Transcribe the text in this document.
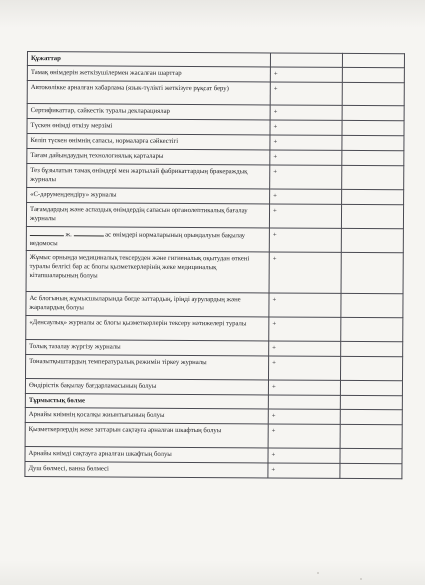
Құжаттар		
Тамақ өнімдерін жеткізушілермен жасалған шарттар	+	
Автокөлікке арналған хабарлама (язык-түлікті жеткізуге рұқсат беру)	+	
Сертификаттар, сәйкестік туралы декларациялар	+	
Түскен өнімді өткізу мерзімі	+	
Келіп түскен өнімнің сапасы, нормаларға сәйкестігі	+	
Тағам дайындаудың технологиялық карталары	+	
Тез бұзылатын тамақ өнімдері мен жартылай фабрикаттардың бракераждық журналы	+	
«С-дәрумендендіру» журналы	+	
Тағамдардың және аспаздық өнімдердің сапасын органолептикалық бағалау журналы	+	
ж. ас өнімдері нормаларының орындалуын бақылау ведомосы	+	
Жұмыс орнында медициналық тексеруден және гигиеналық оқытудан өткені туралы белгісі бар ас блогы қызметкерлерінің жеке медициналық кітапшаларының болуы	+	
Ас блогының жұмысшыларында бөгде заттардың, іріңді аурулардың және жаралардың болуы	+	
«Денсаулық» журналы ас блогы қызметкерлерін тексеру нәтижелері туралы	+	
Толық тазалау жүргізу журналы	+	
Тоназытқыштардың температуралық режимін тіркеу журналы	+	
Өндірістік бақылау бағдарламасының болуы	+	
Тұрмыстық бөлме		
Арнайы киімнің қосалқы жиынтығының болуы	+	
Қызметкерлердің жеке заттарын сақтауға арналған шкафтың болуы	+	
Арнайы киімді сақтауға арналған шкафтың болуы	+	
Душ бөлмесі, ванна бөлмесі	+	
